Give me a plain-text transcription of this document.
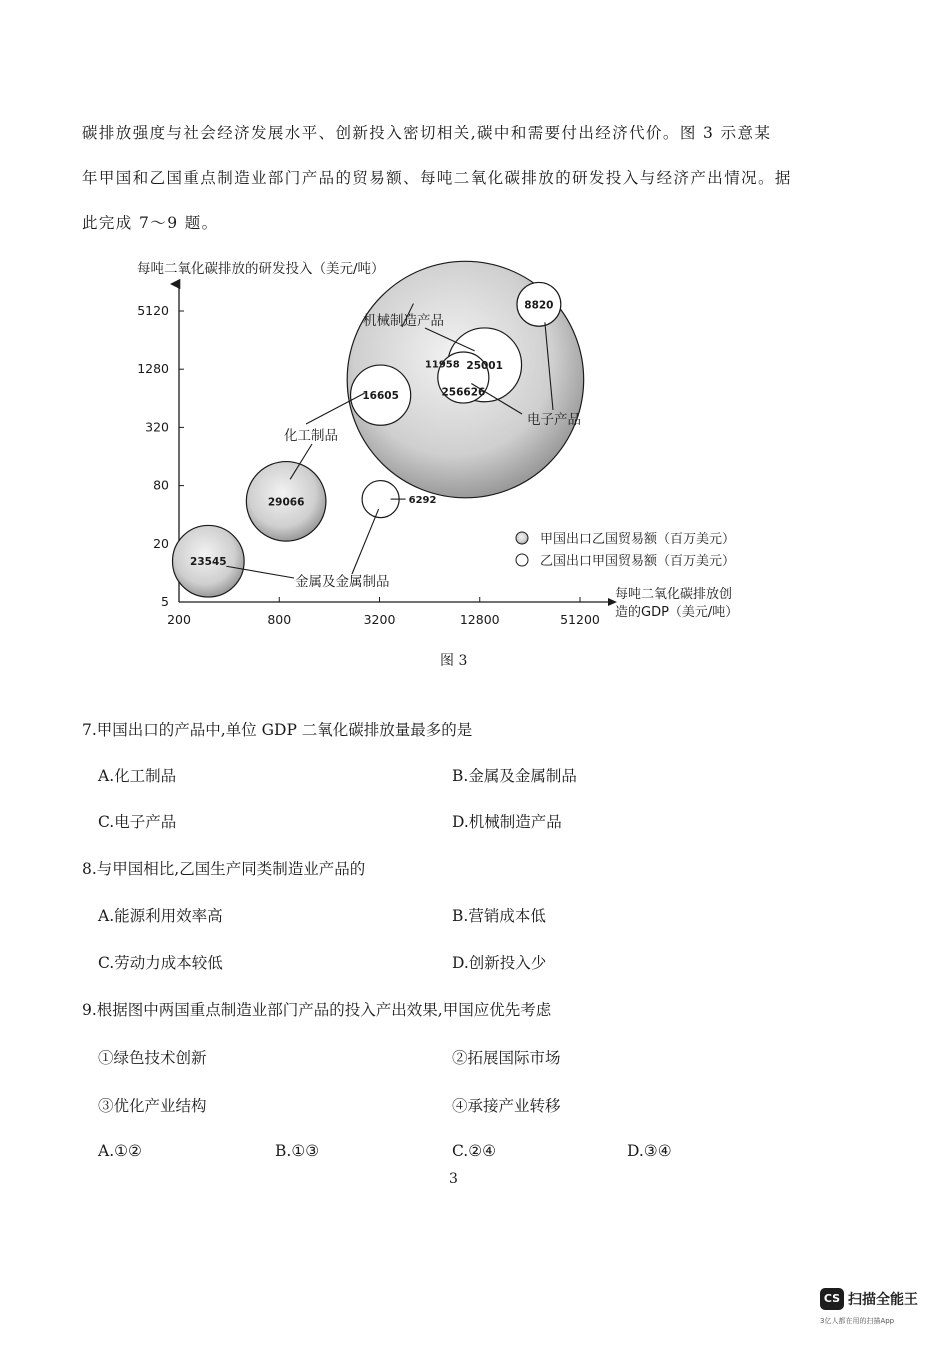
碳排放强度与社会经济发展水平、创新投入密切相关,碳中和需要付出经济代价。图 3 示意某
年甲国和乙国重点制造业部门产品的贸易额、每吨二氧化碳排放的研发投入与经济产出情况。据
此完成 7～9 题。
每吨二氧化碳排放的研发投入（美元/吨）
每吨二氧化碳排放创
造的GDP（美元/吨）
5
20
80
320
1280
5120
200	800	3200	12800	51200
256626
11958 25001
8820
16605
29066
23545
6292
机械制造产品
电子产品
化工制品
金属及金属制品
甲国出口乙国贸易额（百万美元）
乙国出口甲国贸易额（百万美元）
图 3
7.甲国出口的产品中,单位 GDP 二氧化碳排放量最多的是
A.化工制品	B.金属及金属制品
C.电子产品	D.机械制造产品
8.与甲国相比,乙国生产同类制造业产品的
A.能源利用效率高	B.营销成本低
C.劳动力成本较低	D.创新投入少
9.根据图中两国重点制造业部门产品的投入产出效果,甲国应优先考虑
①绿色技术创新	②拓展国际市场
③优化产业结构	④承接产业转移
A.①②	B.①③	C.②④	D.③④
3
CS 扫描全能王
3亿人都在用的扫描App
